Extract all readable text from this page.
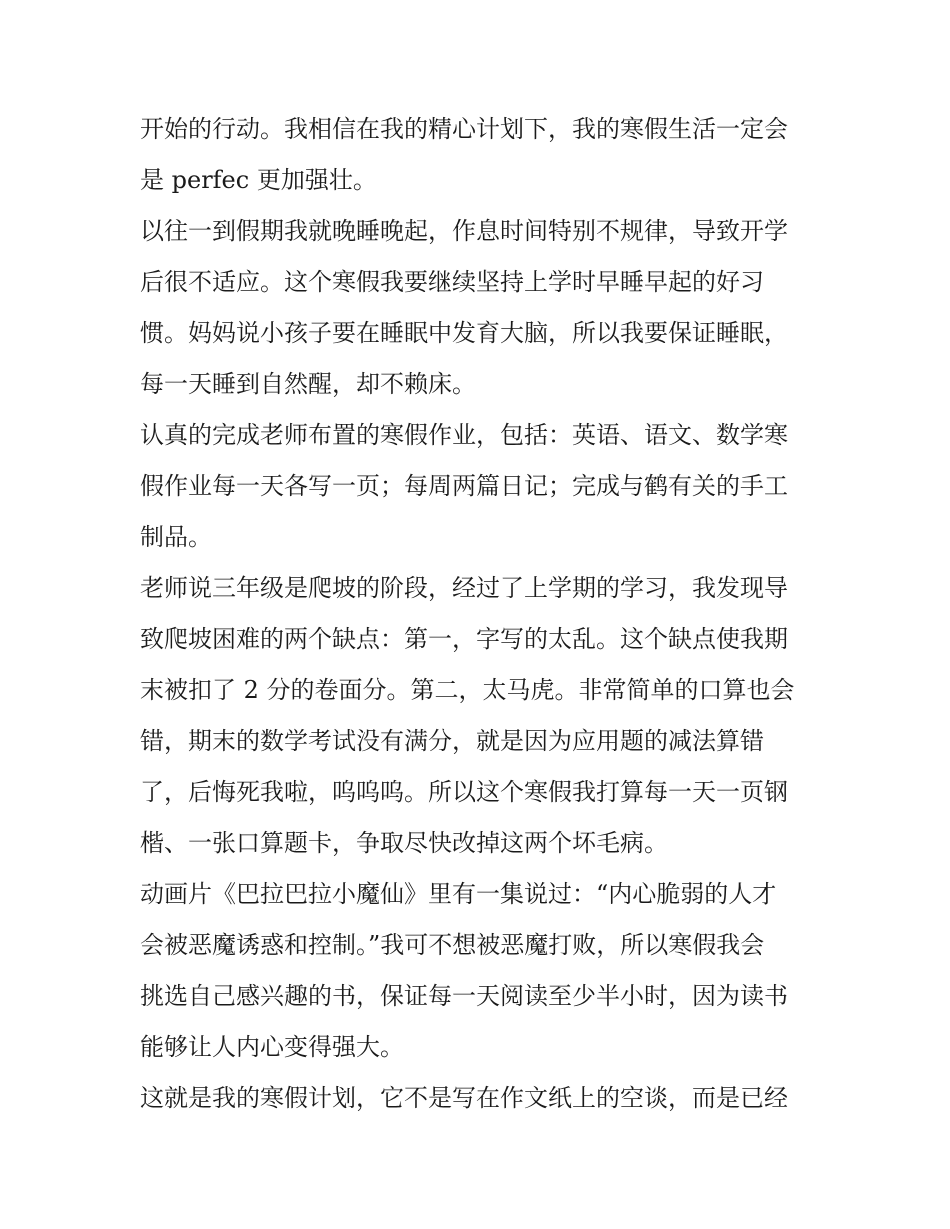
开始的行动。我相信在我的精心计划下，我的寒假生活一定会
是 perfec 更加强壮。
以往一到假期我就晚睡晚起，作息时间特别不规律，导致开学
后很不适应。这个寒假我要继续坚持上学时早睡早起的好习
惯。妈妈说小孩子要在睡眠中发育大脑，所以我要保证睡眠，
每一天睡到自然醒，却不赖床。
认真的完成老师布置的寒假作业，包括：英语、语文、数学寒
假作业每一天各写一页；每周两篇日记；完成与鹤有关的手工
制品。
老师说三年级是爬坡的阶段，经过了上学期的学习，我发现导
致爬坡困难的两个缺点：第一，字写的太乱。这个缺点使我期
末被扣了 2 分的卷面分。第二，太马虎。非常简单的口算也会
错，期末的数学考试没有满分，就是因为应用题的减法算错
了，后悔死我啦，呜呜呜。所以这个寒假我打算每一天一页钢
楷、一张口算题卡，争取尽快改掉这两个坏毛病。
动画片《巴拉巴拉小魔仙》里有一集说过：“内心脆弱的人才
会被恶魔诱惑和控制。”我可不想被恶魔打败，所以寒假我会
挑选自己感兴趣的书，保证每一天阅读至少半小时，因为读书
能够让人内心变得强大。
这就是我的寒假计划，它不是写在作文纸上的空谈，而是已经
